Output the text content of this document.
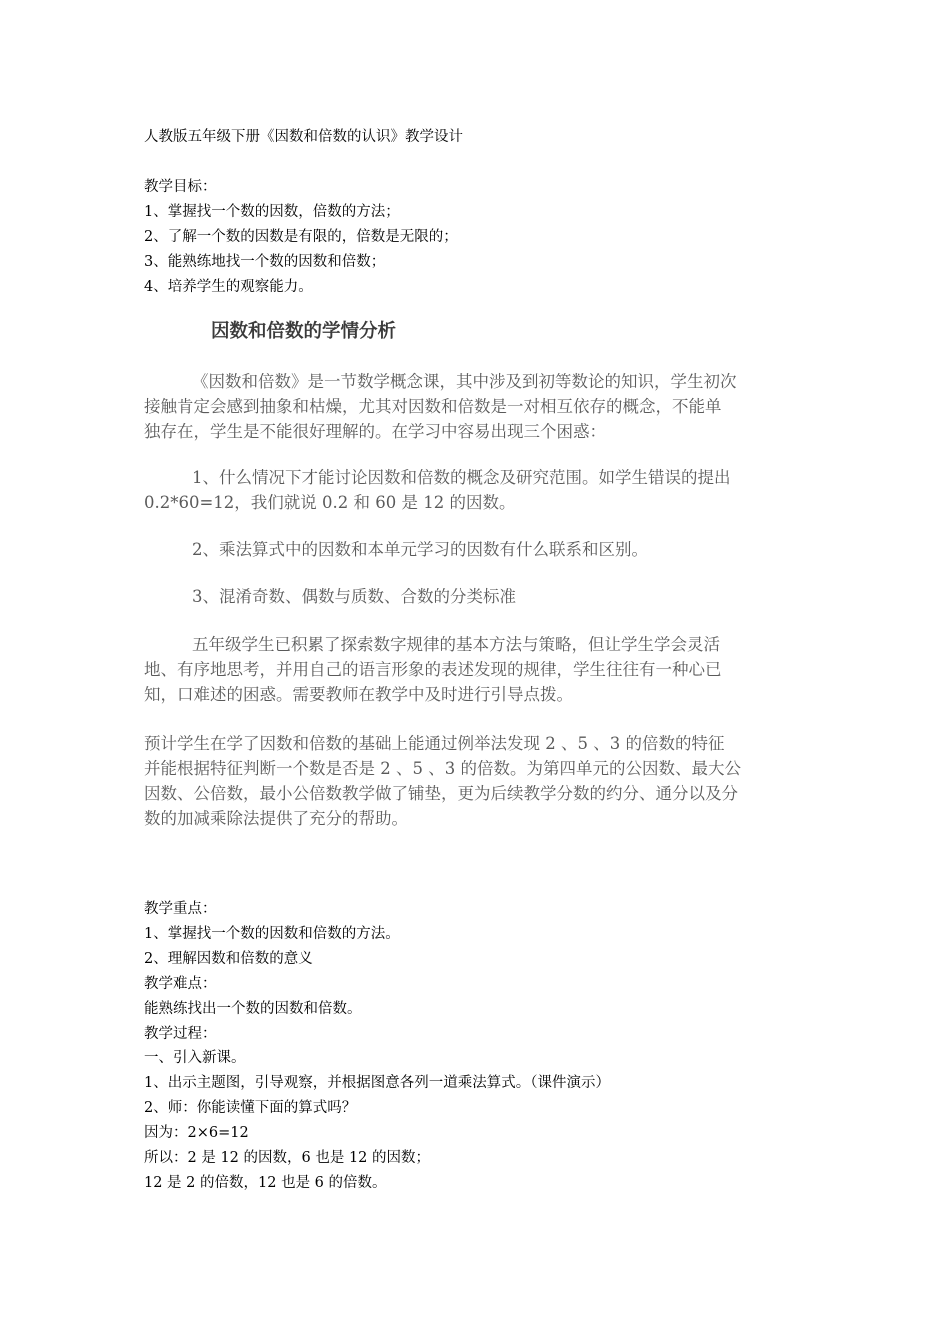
人教版五年级下册《因数和倍数的认识》教学设计
教学目标：
1、掌握找一个数的因数，倍数的方法；
2、了解一个数的因数是有限的，倍数是无限的；
3、能熟练地找一个数的因数和倍数；
4、培养学生的观察能力。
因数和倍数的学情分析
《因数和倍数》是一节数学概念课，其中涉及到初等数论的知识，学生初次
接触肯定会感到抽象和枯燥，尤其对因数和倍数是一对相互依存的概念，不能单
独存在，学生是不能很好理解的。在学习中容易出现三个困惑：
1、什么情况下才能讨论因数和倍数的概念及研究范围。如学生错误的提出
0.2*60=12，我们就说 0.2 和 60 是 12 的因数。
2、乘法算式中的因数和本单元学习的因数有什么联系和区别。
3、混淆奇数、偶数与质数、合数的分类标准
五年级学生已积累了探索数字规律的基本方法与策略，但让学生学会灵活
地、有序地思考，并用自己的语言形象的表述发现的规律，学生往往有一种心已
知，口难述的困惑。需要教师在教学中及时进行引导点拨。
预计学生在学了因数和倍数的基础上能通过例举法发现 2 、5 、3 的倍数的特征
并能根据特征判断一个数是否是 2 、5 、3 的倍数。为第四单元的公因数、最大公
因数、公倍数，最小公倍数教学做了铺垫，更为后续教学分数的约分、通分以及分
数的加减乘除法提供了充分的帮助。
教学重点：
1、掌握找一个数的因数和倍数的方法。
2、理解因数和倍数的意义
教学难点：
能熟练找出一个数的因数和倍数。
教学过程：
一、引入新课。
1、出示主题图，引导观察，并根据图意各列一道乘法算式。（课件演示）
2、师：你能读懂下面的算式吗？
因为：2×6=12
所以：2 是 12 的因数，6 也是 12 的因数；
12 是 2 的倍数，12 也是 6 的倍数。
